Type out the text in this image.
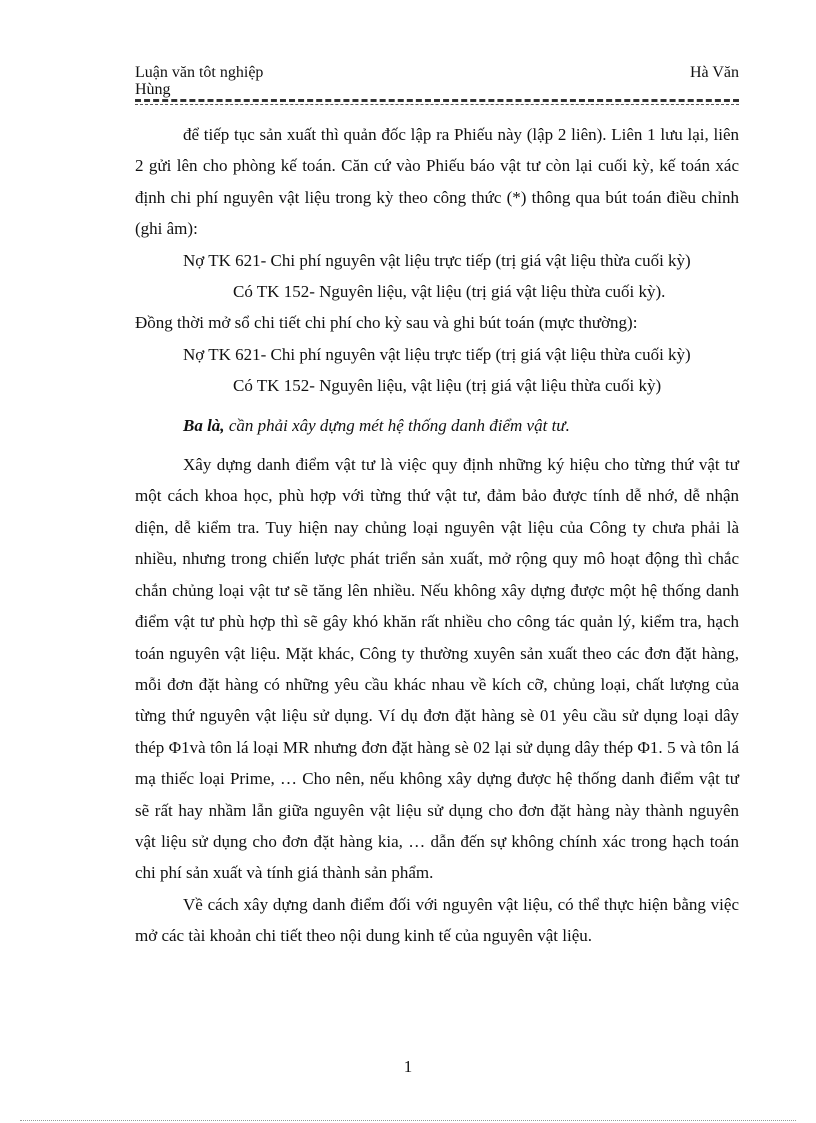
Luận văn tôt nghiệp	Hà Văn
Hùng

để tiếp tục sản xuất thì quản đốc lập ra Phiếu này (lập 2 liên). Liên 1 lưu lại, liên 2 gửi lên cho phòng kế toán. Căn cứ vào Phiếu báo vật tư còn lại cuối kỳ, kế toán xác định chi phí nguyên vật liệu trong kỳ theo công thức (*) thông qua bút toán điều chỉnh (ghi âm):

Nợ TK 621- Chi phí nguyên vật liệu trực tiếp (trị giá vật liệu thừa cuối kỳ)

Có TK 152- Nguyên liệu, vật liệu (trị giá vật liệu thừa cuối kỳ).

Đồng thời mở sổ chi tiết chi phí cho kỳ sau và ghi bút toán (mực thường):

Nợ TK 621- Chi phí nguyên vật liệu trực tiếp (trị giá vật liệu thừa cuối kỳ)

Có TK 152- Nguyên liệu, vật liệu (trị giá vật liệu thừa cuối kỳ)

Ba là, cần phải xây dựng mét hệ thống danh điểm vật tư.

Xây dựng danh điểm vật tư là việc quy định những ký hiệu cho từng thứ vật tư một cách khoa học, phù hợp với từng thứ vật tư, đảm bảo được tính dễ nhớ, dễ nhận diện, dễ kiểm tra. Tuy hiện nay chủng loại nguyên vật liệu của Công ty chưa phải là nhiều, nhưng trong chiến lược phát triển sản xuất, mở rộng quy mô hoạt động thì chắc chắn chủng loại vật tư sẽ tăng lên nhiều. Nếu không xây dựng được một hệ thống danh điểm vật tư phù hợp thì sẽ gây khó khăn rất nhiều cho công tác quản lý, kiểm tra, hạch toán nguyên vật liệu. Mặt khác, Công ty thường xuyên sản xuất theo các đơn đặt hàng, mỗi đơn đặt hàng có những yêu cầu khác nhau về kích cỡ, chủng loại, chất lượng của từng thứ nguyên vật liệu sử dụng. Ví dụ đơn đặt hàng sè 01 yêu cầu sử dụng loại dây thép Φ1và tôn lá loại MR nhưng đơn đặt hàng sè 02 lại sử dụng dây thép Φ1. 5 và tôn lá mạ thiếc loại Prime, … Cho nên, nếu không xây dựng được hệ thống danh điểm vật tư sẽ rất hay nhầm lẫn giữa nguyên vật liệu sử dụng cho đơn đặt hàng này thành nguyên vật liệu sử dụng cho đơn đặt hàng kia, … dẫn đến sự không chính xác trong hạch toán chi phí sản xuất và tính giá thành sản phẩm.

Về cách xây dựng danh điểm đối với nguyên vật liệu, có thể thực hiện bằng việc mở các tài khoản chi tiết theo nội dung kinh tế của nguyên vật liệu.

1
